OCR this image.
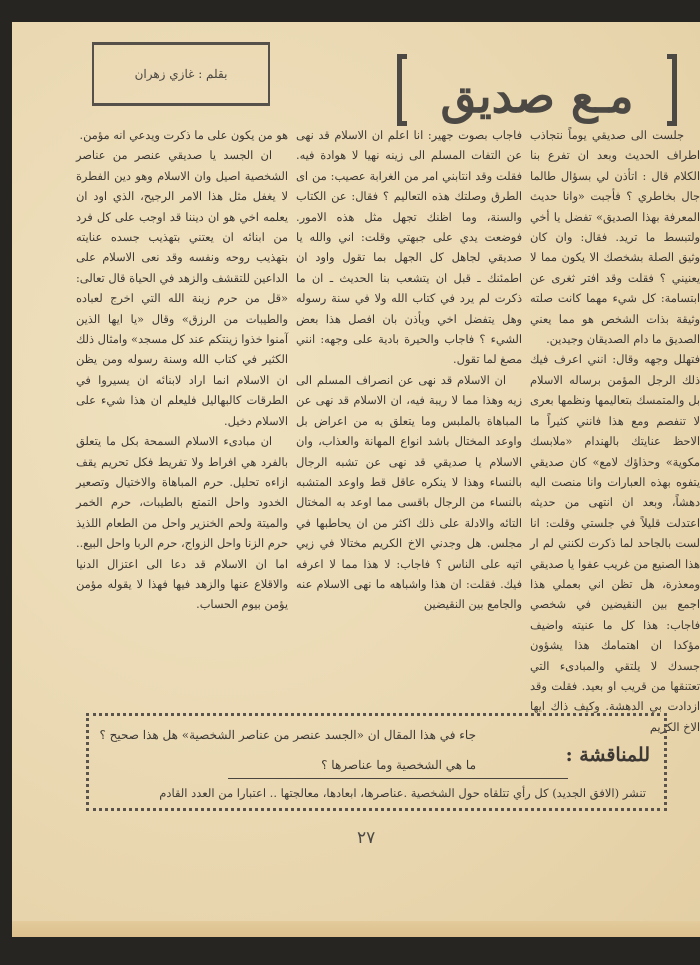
بقلم : غازي زهران	مـع صديق

جلست الى صديقي يوماً نتجاذب اطراف الحديث وبعد ان تفرع بنا الكلام قال : اتأذن لي بسؤال طالما جال بخاطري ؟ فأجبت «وانا حديث المعرفة بهذا الصديق» تفضل يا أخي ولتبسط ما تريد. فقال: وان كان وثيق الصلة بشخصك الا يكون مما لا يعنيني ؟ فقلت وقد افتر ثغرى عن ابتسامة: كل شيء مهما كانت صلته وثيقة بذات الشخص هو مما يعني الصديق ما دام الصديقان وجيدين.

فتهلل وجهه وقال: انني اعرف فيك ذلك الرجل المؤمن برساله الاسلام بل والمتمسك بتعاليمها ونظمها بعرى لا تنفصم ومع هذا فانني كثيراً ما الاحظ عنايتك بالهندام «ملابسك مكوية» وحذاؤك لامع» كان صديقي يتفوه بهذه العبارات وانا منصت اليه دهشاً، وبعد ان انتهى من حديثه اعتدلت قليلاً في جلستي وقلت: انا لست بالجاحد لما ذكرت لكنني لم ار هذا الصنيع من غريب عفوا يا صديقي ومعذرة، هل تظن اني بعملي هذا اجمع بين النقيضين في شخصي فاجاب: هذا كل ما عنيته واضيف مؤكدا ان اهتمامك هذا يشؤون جسدك لا يلتقي والمبادىء التي تعتنقها من قريب او بعيد. فقلت وقد ازدادت بي الدهشة. وكيف ذاك ايها الاخ الكريم

فاجاب بصوت جهير: انا اعلم ان الاسلام قد نهى عن التفات المسلم الى زينه نهيا لا هوادة فيه. فقلت وقد انتابني امر من الغرابة عصيب: من اى الطرق وصلتك هذه التعاليم ؟ فقال: عن الكتاب والسنة، وما اظنك تجهل مثل هذه الامور. فوضعت يدي على جبهتي وقلت: اني والله يا صديقي لجاهل كل الجهل بما تقول واود ان اطمئنك ـ قبل ان يتشعب بنا الحديث ـ ان ما ذكرت لم يرد في كتاب الله ولا في سنة رسوله وهل يتفضل اخي ويأذن بان افصل هذا بعض الشيء ؟ فاجاب والحيرة بادية على وجهه: انني مصغ لما تقول.

ان الاسلام قد نهى عن انصراف المسلم الى زيه وهذا مما لا ريبة فيه، ان الاسلام قد نهى عن المباهاة بالملبس وما يتعلق به من اعراض بل واوعد المختال باشد انواع المهانة والعذاب، وان الاسلام يا صديقي قد نهى عن تشبه الرجال بالنساء وهذا لا ينكره عاقل قط واوعد المتشبه بالنساء من الرجال باقسى مما اوعد به المختال التائه والادلة على ذلك اكثر من ان يحاطبها في مجلس. هل وجدني الاخ الكريم مختالا في زيي اتيه على الناس ؟ فاجاب: لا هذا مما لا اعرفه فيك. فقلت: ان هذا واشباهه ما نهى الاسلام عنه والجامع بين النقيضين

هو من يكون على ما ذكرت ويدعي انه مؤمن.

ان الجسد يا صديقي عنصر من عناصر الشخصية اصيل وان الاسلام وهو دين الفطرة لا يغفل مثل هذا الامر الرجيح، الذي اود ان يعلمه اخي هو ان ديننا قد اوجب على كل فرد من ابنائه ان يعتني بتهذيب جسده عنايته بتهذيب روحه ونفسه وقد نعى الاسلام على الداعين للتقشف والزهد في الحياة قال تعالى: «قل من حرم زينة الله التي اخرج لعباده والطيبات من الرزق» وقال «يا ايها الذين آمنوا خذوا زينتكم عند كل مسجد» وامثال ذلك الكثير في كتاب الله وسنة رسوله ومن يظن ان الاسلام انما اراد لابنائه ان يسيروا في الطرقات كالبهاليل فليعلم ان هذا شيء على الاسلام دخيل.

ان مبادىء الاسلام السمحة بكل ما يتعلق بالفرد هي افراط ولا تفريط فكل تحريم يقف ازاءه تحليل. حرم المباهاة والاختيال وتصعير الخدود واحل التمتع بالطيبات، حرم الخمر والميتة ولحم الخنزير واحل من الطعام اللذيذ حرم الزنا واحل الزواج، حرم الربا واحل البيع.. اما ان الاسلام قد دعا الى اعتزال الدنيا والاقلاع عنها والزهد فيها فهذا لا يقوله مؤمن يؤمن بيوم الحساب.

للمناقشة :
جاء في هذا المقال ان «الجسد عنصر من عناصر الشخصية» هل هذا صحيح ؟
ما هي الشخصية وما عناصرها ؟
تنشر (الافق الجديد) كل رأي تتلقاه حول الشخصية .عناصرها، ابعادها، معالجتها .. اعتبارا من العدد القادم
٢٧
